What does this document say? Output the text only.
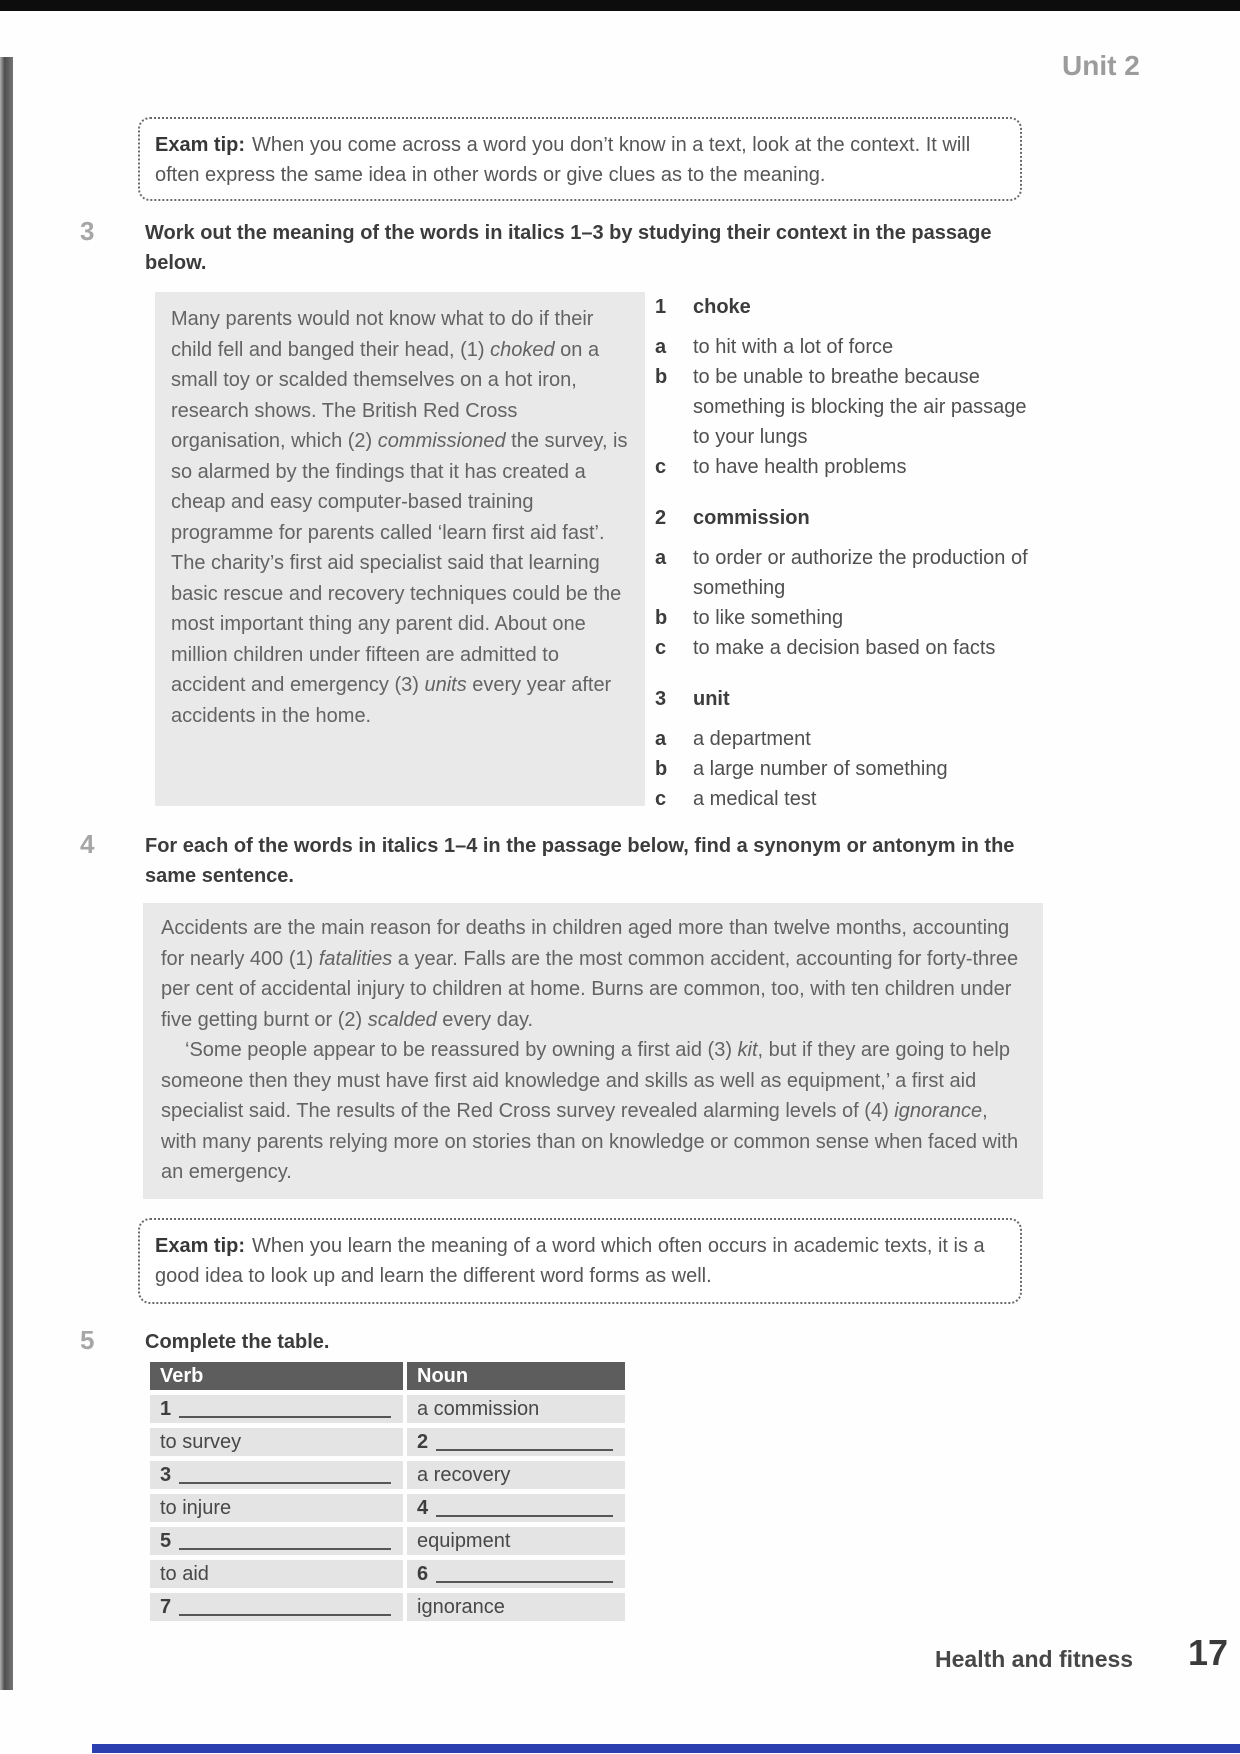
Unit 2
Exam tip: When you come across a word you don’t know in a text, look at the context. It will often express the same idea in other words or give clues as to the meaning.
3	Work out the meaning of the words in italics 1–3 by studying their context in the passage below.
Many parents would not know what to do if their child fell and banged their head, (1) choked on a small toy or scalded themselves on a hot iron, research shows. The British Red Cross organisation, which (2) commissioned the survey, is so alarmed by the findings that it has created a cheap and easy computer-based training programme for parents called ‘learn first aid fast’. The charity’s first aid specialist said that learning basic rescue and recovery techniques could be the most important thing any parent did. About one million children under fifteen are admitted to accident and emergency (3) units every year after accidents in the home.
1	choke
a	to hit with a lot of force
b	to be unable to breathe because something is blocking the air passage to your lungs
c	to have health problems
2	commission
a	to order or authorize the production of something
b	to like something
c	to make a decision based on facts
3	unit
a	a department
b	a large number of something
c	a medical test
4	For each of the words in italics 1–4 in the passage below, find a synonym or antonym in the same sentence.
Accidents are the main reason for deaths in children aged more than twelve months, accounting for nearly 400 (1) fatalities a year. Falls are the most common accident, accounting for forty-three per cent of accidental injury to children at home. Burns are common, too, with ten children under five getting burnt or (2) scalded every day.
‘Some people appear to be reassured by owning a first aid (3) kit, but if they are going to help someone then they must have first aid knowledge and skills as well as equipment,’ a first aid specialist said. The results of the Red Cross survey revealed alarming levels of (4) ignorance, with many parents relying more on stories than on knowledge or common sense when faced with an emergency.
Exam tip: When you learn the meaning of a word which often occurs in academic texts, it is a good idea to look up and learn the different word forms as well.
5	Complete the table.
Verb	Noun
1	a commission
to survey	2
3	a recovery
to injure	4
5	equipment
to aid	6
7	ignorance
Health and fitness 17
